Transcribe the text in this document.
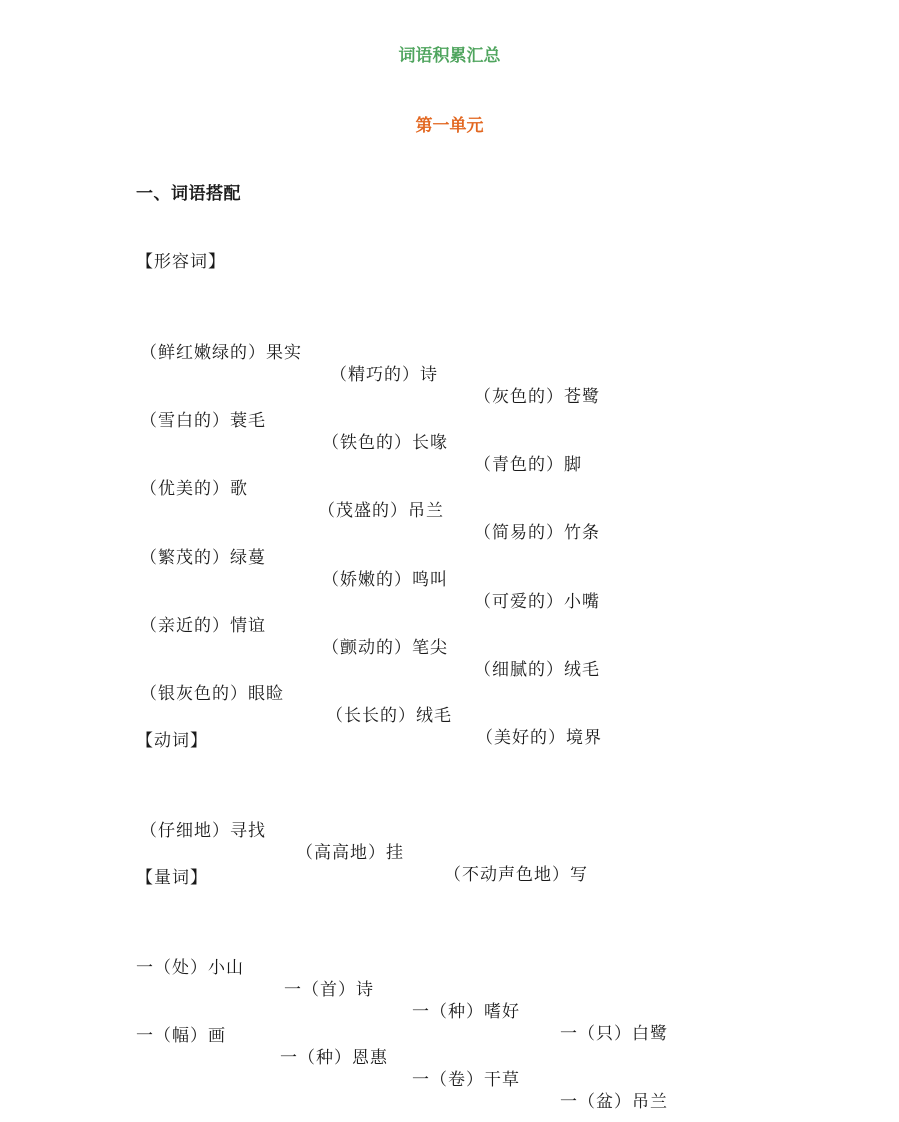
词语积累汇总
第一单元
一、词语搭配
【形容词】

（鲜红嫩绿的）果实

（精巧的）诗

（灰色的）苍鹭

（雪白的）蓑毛

（铁色的）长喙

（青色的）脚

（优美的）歌

（茂盛的）吊兰

（简易的）竹条

（繁茂的）绿蔓

（娇嫩的）鸣叫

（可爱的）小嘴

（亲近的）情谊

（颤动的）笔尖

（细腻的）绒毛

（银灰色的）眼睑

（长长的）绒毛

（美好的）境界

【动词】

（仔细地）寻找

（高高地）挂

（不动声色地）写

【量词】

一（处）小山

一（首）诗

一（种）嗜好

一（只）白鹭

一（幅）画

一（种）恩惠

一（卷）干草

一（盆）吊兰
